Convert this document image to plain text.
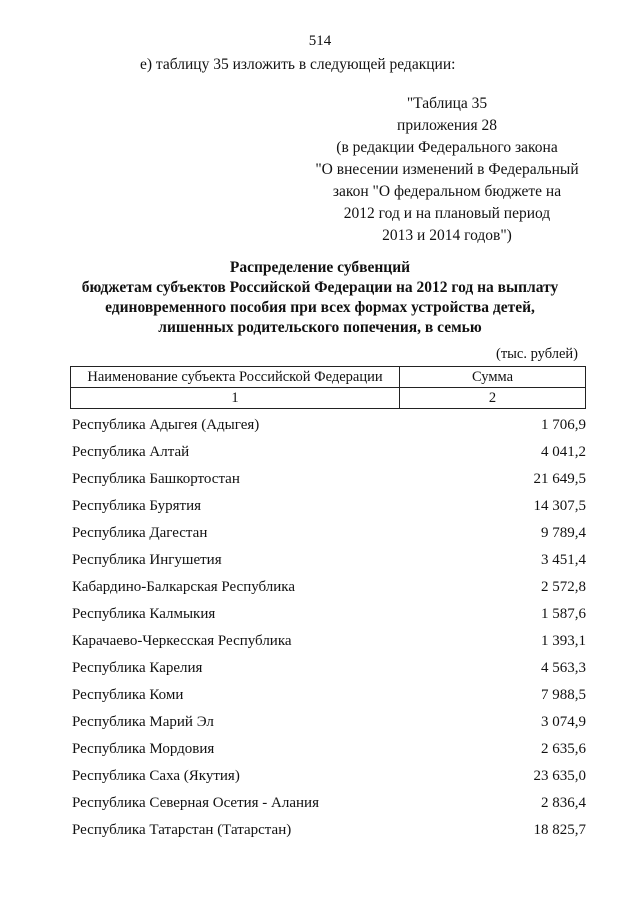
514
е) таблицу 35 изложить в следующей редакции:
"Таблица 35
приложения 28
(в редакции Федерального закона
"О внесении изменений в Федеральный
закон "О федеральном бюджете на
2012 год и на плановый период
2013 и 2014 годов")
Распределение субвенций
бюджетам субъектов Российской Федерации на 2012 год на выплату
единовременного пособия при всех формах устройства детей,
лишенных родительского попечения, в семью
(тыс. рублей)
Наименование субъекта Российской Федерации	Сумма
1	2
Республика Адыгея (Адыгея)	1 706,9
Республика Алтай	4 041,2
Республика Башкортостан	21 649,5
Республика Бурятия	14 307,5
Республика Дагестан	9 789,4
Республика Ингушетия	3 451,4
Кабардино-Балкарская Республика	2 572,8
Республика Калмыкия	1 587,6
Карачаево-Черкесская Республика	1 393,1
Республика Карелия	4 563,3
Республика Коми	7 988,5
Республика Марий Эл	3 074,9
Республика Мордовия	2 635,6
Республика Саха (Якутия)	23 635,0
Республика Северная Осетия - Алания	2 836,4
Республика Татарстан (Татарстан)	18 825,7
